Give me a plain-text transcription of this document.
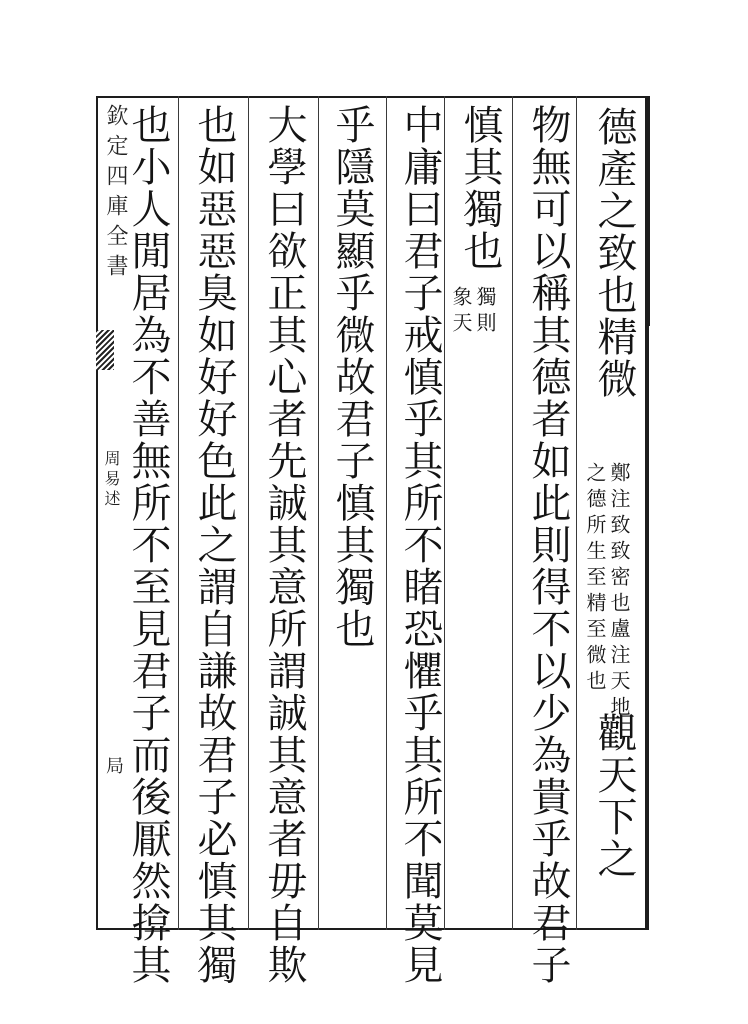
欽定四庫全書
周易述
局
德產之致也精微
鄭注致致密也盧注天地
之德所生至精至微也
觀天下之
物無可以稱其德者如此則得不以少為貴乎故君子
慎其獨也
獨則
象天
中庸曰君子戒慎乎其所不睹恐懼乎其所不聞莫見
乎隱莫顯乎微故君子慎其獨也
大學曰欲正其心者先誠其意所謂誠其意者毋自欺
也如惡惡臭如好好色此之謂自謙故君子必慎其獨
也小人閒居為不善無所不至見君子而後厭然揜其
